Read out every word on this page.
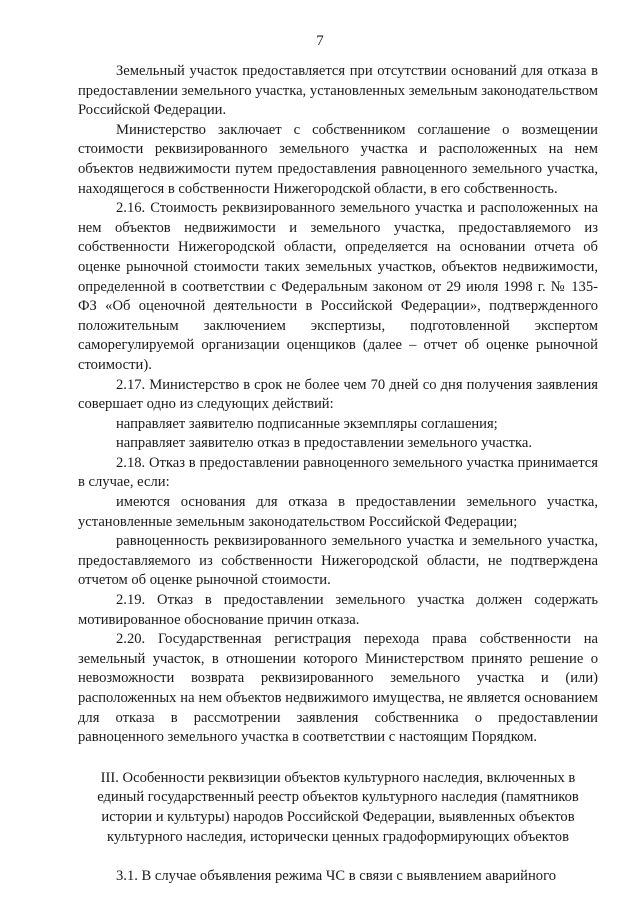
7

Земельный участок предоставляется при отсутствии оснований для отказа в предоставлении земельного участка, установленных земельным законодательством Российской Федерации.

Министерство заключает с собственником соглашение о возмещении стоимости реквизированного земельного участка и расположенных на нем объектов недвижимости путем предоставления равноценного земельного участка, находящегося в собственности Нижегородской области, в его собственность.

2.16. Стоимость реквизированного земельного участка и расположенных на нем объектов недвижимости и земельного участка, предоставляемого из собственности Нижегородской области, определяется на основании отчета об оценке рыночной стоимости таких земельных участков, объектов недвижимости, определенной в соответствии с Федеральным законом от 29 июля 1998 г. № 135-ФЗ «Об оценочной деятельности в Российской Федерации», подтвержденного положительным заключением экспертизы, подготовленной экспертом саморегулируемой организации оценщиков (далее – отчет об оценке рыночной стоимости).

2.17. Министерство в срок не более чем 70 дней со дня получения заявления совершает одно из следующих действий:

направляет заявителю подписанные экземпляры соглашения;

направляет заявителю отказ в предоставлении земельного участка.

2.18. Отказ в предоставлении равноценного земельного участка принимается в случае, если:

имеются основания для отказа в предоставлении земельного участка, установленные земельным законодательством Российской Федерации;

равноценность реквизированного земельного участка и земельного участка, предоставляемого из собственности Нижегородской области, не подтверждена отчетом об оценке рыночной стоимости.

2.19. Отказ в предоставлении земельного участка должен содержать мотивированное обоснование причин отказа.

2.20. Государственная регистрация перехода права собственности на земельный участок, в отношении которого Министерством принято решение о невозможности возврата реквизированного земельного участка и (или) расположенных на нем объектов недвижимого имущества, не является основанием для отказа в рассмотрении заявления собственника о предоставлении равноценного земельного участка в соответствии с настоящим Порядком.

III. Особенности реквизиции объектов культурного наследия, включенных в единый государственный реестр объектов культурного наследия (памятников истории и культуры) народов Российской Федерации, выявленных объектов культурного наследия, исторически ценных градоформирующих объектов

3.1. В случае объявления режима ЧС в связи с выявлением аварийного
